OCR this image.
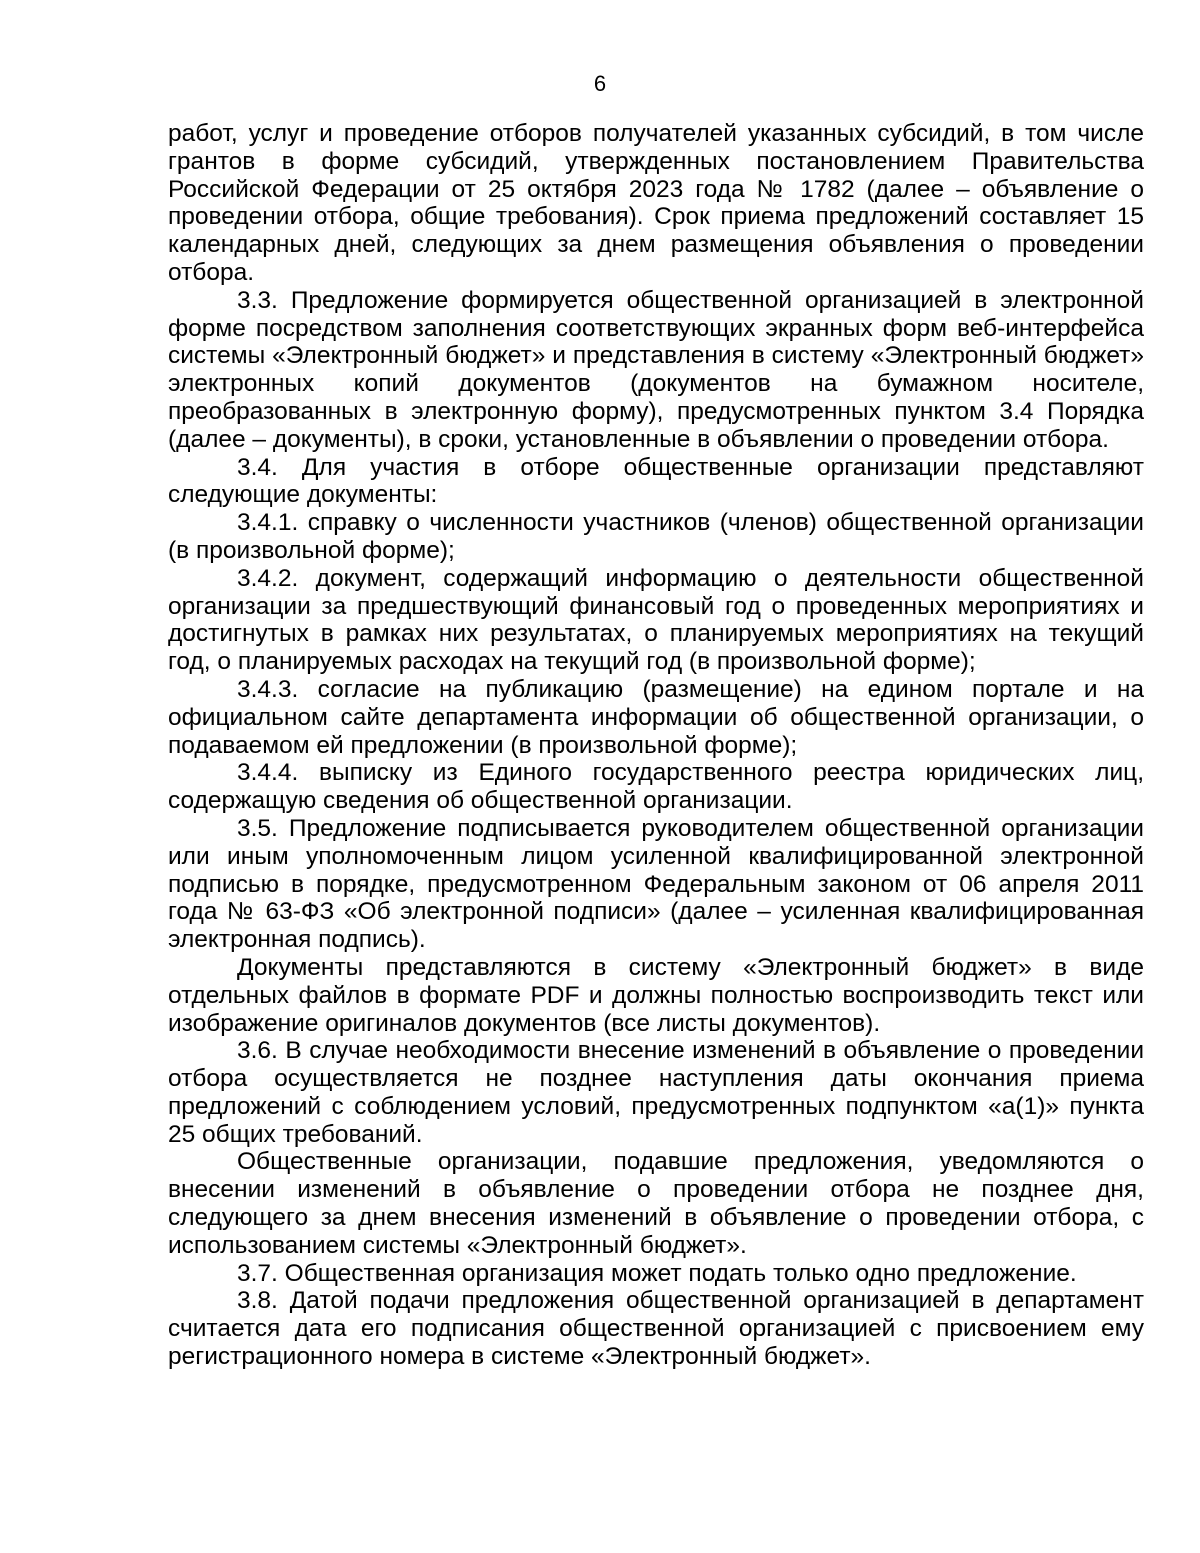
6

работ, услуг и проведение отборов получателей указанных субсидий, в том числе грантов в форме субсидий, утвержденных постановлением Правительства Российской Федерации от 25 октября 2023 года № 1782 (далее – объявление о проведении отбора, общие требования). Срок приема предложений составляет 15 календарных дней, следующих за днем размещения объявления о проведении отбора.

3.3. Предложение формируется общественной организацией в электронной форме посредством заполнения соответствующих экранных форм веб-интерфейса системы «Электронный бюджет» и представления в систему «Электронный бюджет» электронных копий документов (документов на бумажном носителе, преобразованных в электронную форму), предусмотренных пунктом 3.4 Порядка (далее – документы), в сроки, установленные в объявлении о проведении отбора.

3.4. Для участия в отборе общественные организации представляют следующие документы:

3.4.1. справку о численности участников (членов) общественной организации (в произвольной форме);

3.4.2. документ, содержащий информацию о деятельности общественной организации за предшествующий финансовый год о проведенных мероприятиях и достигнутых в рамках них результатах, о планируемых мероприятиях на текущий год, о планируемых расходах на текущий год (в произвольной форме);

3.4.3. согласие на публикацию (размещение) на едином портале и на официальном сайте департамента информации об общественной организации, о подаваемом ей предложении (в произвольной форме);

3.4.4. выписку из Единого государственного реестра юридических лиц, содержащую сведения об общественной организации.

3.5. Предложение подписывается руководителем общественной организации или иным уполномоченным лицом усиленной квалифицированной электронной подписью в порядке, предусмотренном Федеральным законом от 06 апреля 2011 года № 63-ФЗ «Об электронной подписи» (далее – усиленная квалифицированная электронная подпись).

Документы представляются в систему «Электронный бюджет» в виде отдельных файлов в формате PDF и должны полностью воспроизводить текст или изображение оригиналов документов (все листы документов).

3.6. В случае необходимости внесение изменений в объявление о проведении отбора осуществляется не позднее наступления даты окончания приема предложений с соблюдением условий, предусмотренных подпунктом «а(1)» пункта 25 общих требований.

Общественные организации, подавшие предложения, уведомляются о внесении изменений в объявление о проведении отбора не позднее дня, следующего за днем внесения изменений в объявление о проведении отбора, с использованием системы «Электронный бюджет».

3.7. Общественная организация может подать только одно предложение.

3.8. Датой подачи предложения общественной организацией в департамент считается дата его подписания общественной организацией с присвоением ему регистрационного номера в системе «Электронный бюджет».
